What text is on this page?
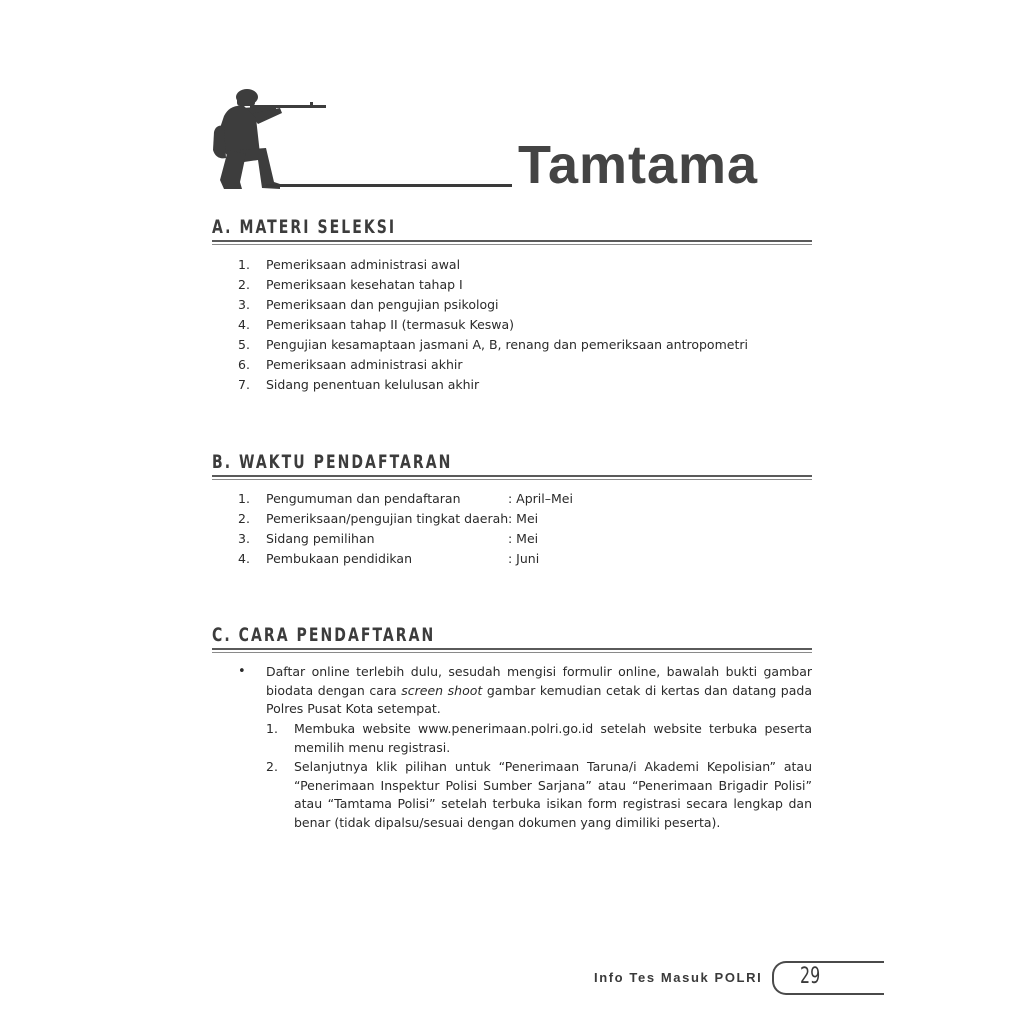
Tamtama
A. MATERI SELEKSI
1.	Pemeriksaan administrasi awal
2.	Pemeriksaan kesehatan tahap I
3.	Pemeriksaan dan pengujian psikologi
4.	Pemeriksaan tahap II (termasuk Keswa)
5.	Pengujian kesamaptaan jasmani A, B, renang dan pemeriksaan antropometri
6.	Pemeriksaan administrasi akhir
7.	Sidang penentuan kelulusan akhir
B. WAKTU PENDAFTARAN
1.	Pengumuman dan pendaftaran	: April–Mei
2.	Pemeriksaan/pengujian tingkat daerah : Mei
3.	Sidang pemilihan	: Mei
4.	Pembukaan pendidikan	: Juni
C. CARA PENDAFTARAN
• Daftar online terlebih dulu, sesudah mengisi formulir online, bawalah bukti gambar biodata dengan cara screen shoot gambar kemudian cetak di kertas dan datang pada Polres Pusat Kota setempat.
1. Membuka website www.penerimaan.polri.go.id setelah website terbuka peserta memilih menu registrasi.
2. Selanjutnya klik pilihan untuk “Penerimaan Taruna/i Akademi Kepolisian” atau “Penerimaan Inspektur Polisi Sumber Sarjana” atau “Penerimaan Brigadir Polisi” atau “Tamtama Polisi” setelah terbuka isikan form registrasi secara lengkap dan benar (tidak dipalsu/sesuai dengan dokumen yang dimiliki peserta).
Info Tes Masuk POLRI 29
